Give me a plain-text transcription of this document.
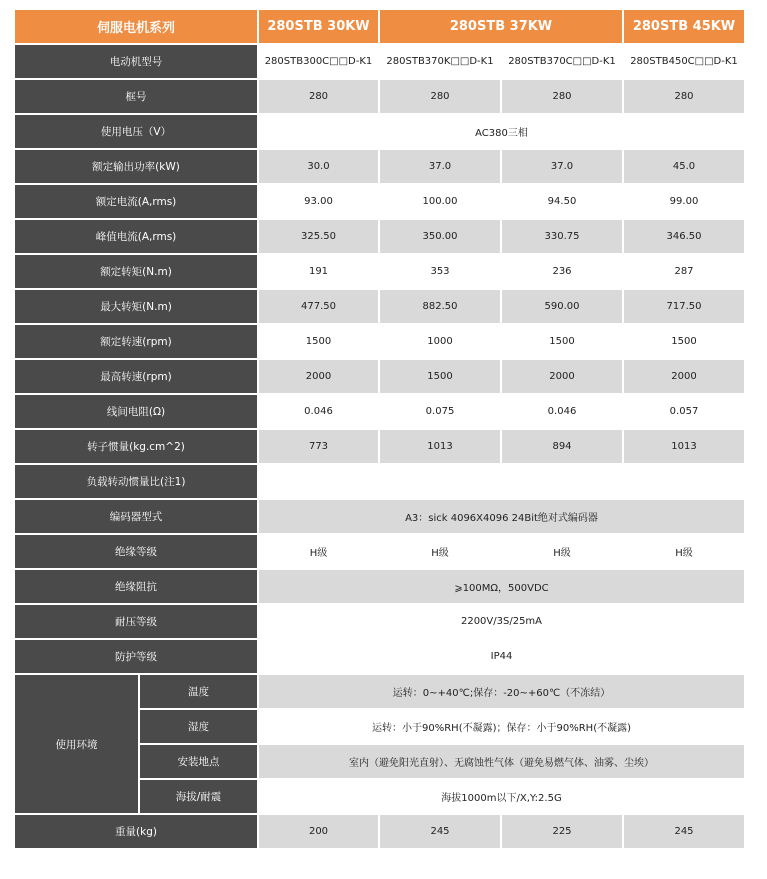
伺服电机系列		280STB 30KW	280STB 37KW		280STB 45KW
电动机型号		280STB300C□□D-K1	280STB370K□□D-K1	280STB370C□□D-K1	280STB450C□□D-K1
框号		280	280	280	280
使用电压（V）		AC380三相			
额定输出功率(kW)		30.0	37.0	37.0	45.0
额定电流(A,rms)		93.00	100.00	94.50	99.00
峰值电流(A,rms)		325.50	350.00	330.75	346.50
额定转矩(N.m)		191	353	236	287
最大转矩(N.m)		477.50	882.50	590.00	717.50
额定转速(rpm)		1500	1000	1500	1500
最高转速(rpm)		2000	1500	2000	2000
线间电阻(Ω)		0.046	0.075	0.046	0.057
转子惯量(kg.cm^2)		773	1013	894	1013
负载转动惯量比(注1)					
编码器型式		A3：sick 4096X4096 24Bit绝对式编码器			
绝缘等级		H级	H级	H级	H级
绝缘阻抗		⩾100MΩ，500VDC			
耐压等级		2200V/3S/25mA			
防护等级		IP44			
使用环境	温度	运转：0~+40℃;保存：-20~+60℃（不冻结）			
	湿度	运转：小于90%RH(不凝露)；保存：小于90%RH(不凝露)			
	安装地点	室内（避免阳光直射）、无腐蚀性气体（避免易燃气体、油雾、尘埃）			
	海拔/耐震	海拔1000m以下/X,Y:2.5G			
重量(kg)		200	245	225	245
